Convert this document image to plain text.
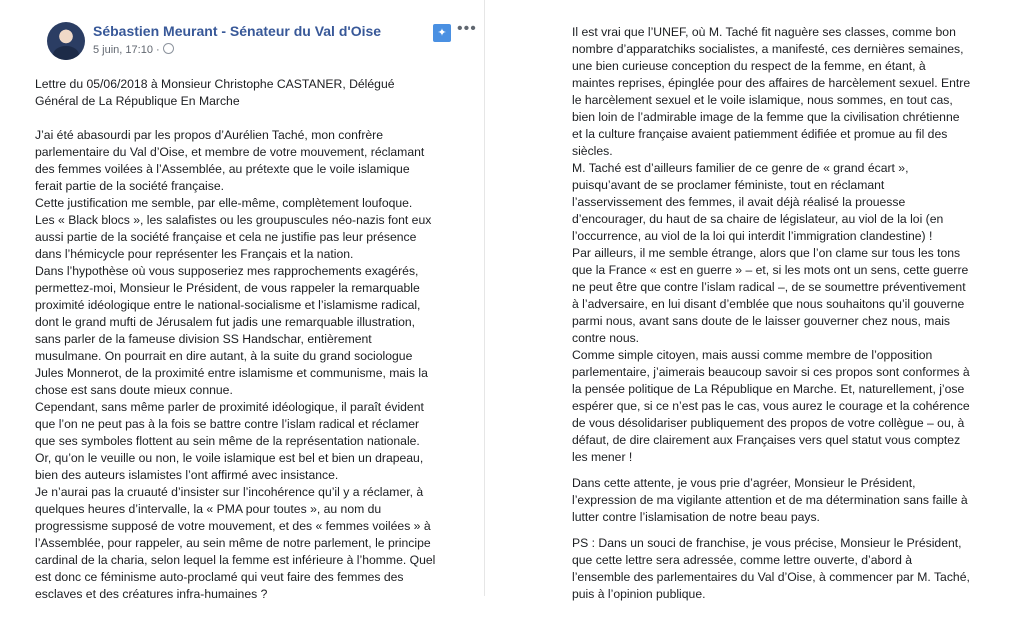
Sébastien Meurant - Sénateur du Val d'Oise
5 juin, 17:10 ·
✦ •••

Lettre du 05/06/2018 à Monsieur Christophe CASTANER, Délégué

Général de La République En Marche

J’ai été abasourdi par les propos d’Aurélien Taché, mon confrère

parlementaire du Val d’Oise, et membre de votre mouvement, réclamant

des femmes voilées à l’Assemblée, au prétexte que le voile islamique

ferait partie de la société française.

Cette justification me semble, par elle-même, complètement loufoque.

Les « Black blocs », les salafistes ou les groupuscules néo-nazis font eux

aussi partie de la société française et cela ne justifie pas leur présence

dans l’hémicycle pour représenter les Français et la nation.

Dans l’hypothèse où vous supposeriez mes rapprochements exagérés,

permettez-moi, Monsieur le Président, de vous rappeler la remarquable

proximité idéologique entre le national-socialisme et l’islamisme radical,

dont le grand mufti de Jérusalem fut jadis une remarquable illustration,

sans parler de la fameuse division SS Handschar, entièrement

musulmane. On pourrait en dire autant, à la suite du grand sociologue

Jules Monnerot, de la proximité entre islamisme et communisme, mais la

chose est sans doute mieux connue.

Cependant, sans même parler de proximité idéologique, il paraît évident

que l’on ne peut pas à la fois se battre contre l’islam radical et réclamer

que ses symboles flottent au sein même de la représentation nationale.

Or, qu’on le veuille ou non, le voile islamique est bel et bien un drapeau,

bien des auteurs islamistes l’ont affirmé avec insistance.

Je n’aurai pas la cruauté d’insister sur l’incohérence qu’il y a réclamer, à

quelques heures d’intervalle, la « PMA pour toutes », au nom du

progressisme supposé de votre mouvement, et des « femmes voilées » à

l’Assemblée, pour rappeler, au sein même de notre parlement, le principe

cardinal de la charia, selon lequel la femme est inférieure à l’homme. Quel

est donc ce féminisme auto-proclamé qui veut faire des femmes des

esclaves et des créatures infra-humaines ?

Il est vrai que l’UNEF, où M. Taché fit naguère ses classes, comme bon

nombre d’apparatchiks socialistes, a manifesté, ces dernières semaines,

une bien curieuse conception du respect de la femme, en étant, à

maintes reprises, épinglée pour des affaires de harcèlement sexuel. Entre

le harcèlement sexuel et le voile islamique, nous sommes, en tout cas,

bien loin de l’admirable image de la femme que la civilisation chrétienne

et la culture française avaient patiemment édifiée et promue au fil des

siècles.

M. Taché est d’ailleurs familier de ce genre de « grand écart »,

puisqu’avant de se proclamer féministe, tout en réclamant

l’asservissement des femmes, il avait déjà réalisé la prouesse

d’encourager, du haut de sa chaire de législateur, au viol de la loi (en

l’occurrence, au viol de la loi qui interdit l’immigration clandestine) !

Par ailleurs, il me semble étrange, alors que l’on clame sur tous les tons

que la France « est en guerre » – et, si les mots ont un sens, cette guerre

ne peut être que contre l’islam radical –, de se soumettre préventivement

à l’adversaire, en lui disant d’emblée que nous souhaitons qu’il gouverne

parmi nous, avant sans doute de le laisser gouverner chez nous, mais

contre nous.

Comme simple citoyen, mais aussi comme membre de l’opposition

parlementaire, j’aimerais beaucoup savoir si ces propos sont conformes à

la pensée politique de La République en Marche. Et, naturellement, j’ose

espérer que, si ce n’est pas le cas, vous aurez le courage et la cohérence

de vous désolidariser publiquement des propos de votre collègue – ou, à

défaut, de dire clairement aux Françaises vers quel statut vous comptez

les mener !

Dans cette attente, je vous prie d’agréer, Monsieur le Président,

l’expression de ma vigilante attention et de ma détermination sans faille à

lutter contre l’islamisation de notre beau pays.

PS : Dans un souci de franchise, je vous précise, Monsieur le Président,

que cette lettre sera adressée, comme lettre ouverte, d’abord à

l’ensemble des parlementaires du Val d’Oise, à commencer par M. Taché,

puis à l’opinion publique.
